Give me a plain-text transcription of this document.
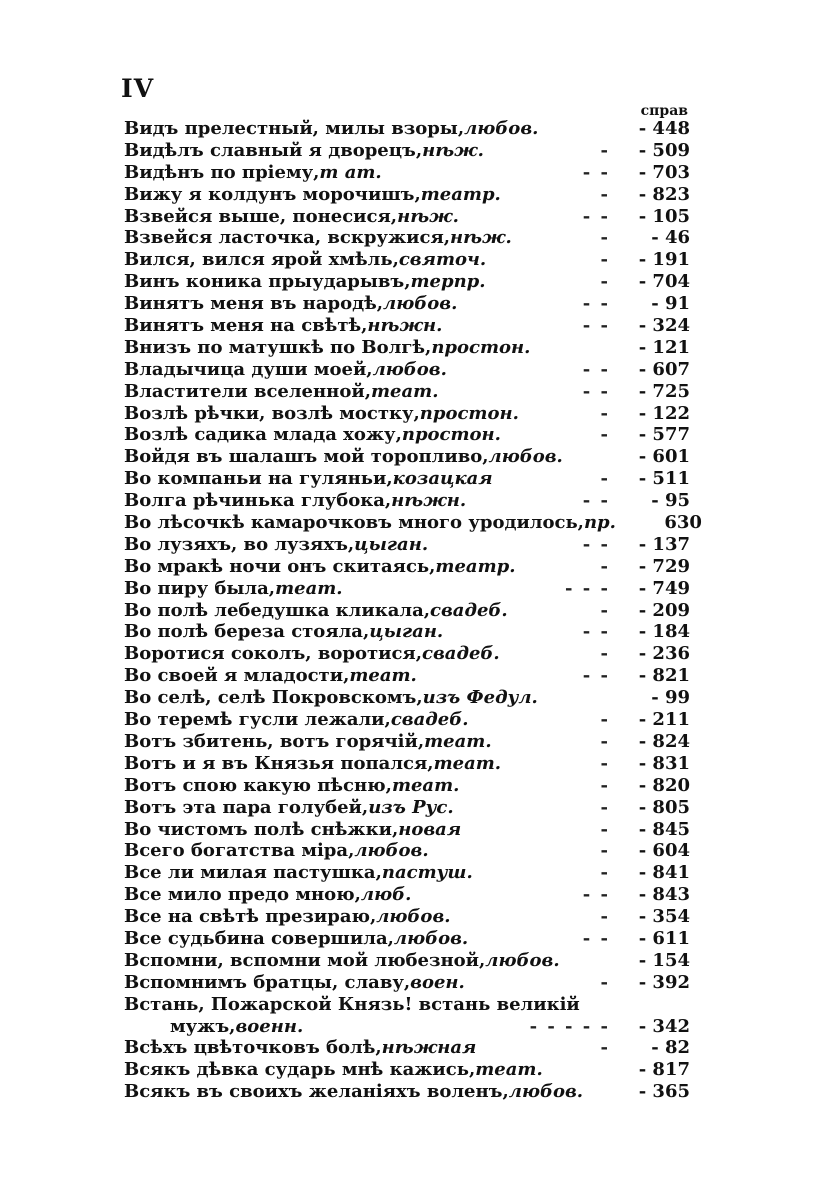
IV
справ
Видъ прелестный, милы взоры , любов.	- 448
Видѣлъ славный я дворецъ , нѣж.	-	- 509
Видѣнъ по пріему , т ат.	- -	- 703
Вижу я колдунъ морочишъ , театр.	-	- 823
Взвейся выше, понесися , нѣж.	- -	- 105
Взвейся ласточка, вскружися , нѣж.	-	- 46
Вился, вился ярой хмѣль , святоч.	-	- 191
Винъ коника прыударывъ , терпр.	-	- 704
Винятъ меня въ народѣ , любов.	- -	- 91
Винятъ меня на свѣтѣ , нѣжн.	- -	- 324
Внизъ по матушкѣ по Волгѣ , простон.	- 121
Владычица души моей , любов.	- -	- 607
Властители вселенной , теат.	- -	- 725
Возлѣ рѣчки, возлѣ мостку , простон.	-	- 122
Возлѣ садика млада хожу , простон.	-	- 577
Войдя въ шалашъ мой торопливо , любов.	- 601
Во компаньи на гуляньи , козацкая	-	- 511
Волга рѣчинька глубока , нѣжн.	- -	- 95
Во лѣсочкѣ камарочковъ много уродилось , пр.	630
Во лузяхъ, во лузяхъ , цыган.	- -	- 137
Во мракѣ ночи онъ скитаясь , театр.	-	- 729
Во пиру была , теат.	- - -	- 749
Во полѣ лебедушка кликала , свадеб.	-	- 209
Во полѣ береза стояла , цыган.	- -	- 184
Воротися соколъ, воротися , свадеб.	-	- 236
Во своей я младости , теат.	- -	- 821
Во селѣ, селѣ Покровскомъ , изъ Федул.	- 99
Во теремѣ гусли лежали , свадеб.	-	- 211
Вотъ збитень, вотъ горячій , теат.	-	- 824
Вотъ и я въ Князья попался , теат.	-	- 831
Вотъ спою какую пѣсню , теат.	-	- 820
Вотъ эта пара голубей , изъ Рус.	-	- 805
Во чистомъ полѣ снѣжки , новая	-	- 845
Всего богатства міра , любов.	-	- 604
Все ли милая пастушка , пастуш.	-	- 841
Все мило предо мною , люб.	- -	- 843
Все на свѣтѣ презираю , любов.	-	- 354
Все судьбина совершила , любов.	- -	- 611
Вспомни, вспомни мой любезной , любов.	- 154
Вспомнимъ братцы, славу , воен.	-	- 392
Встань, Пожарской Князь! встань великій
мужъ , военн.	- - - - -	- 342
Всѣхъ цвѣточковъ болѣ , нѣжная	-	- 82
Всякъ дѣвка сударь мнѣ кажись , теат.	- 817
Всякъ въ своихъ желаніяхъ воленъ , любов.	- 365
